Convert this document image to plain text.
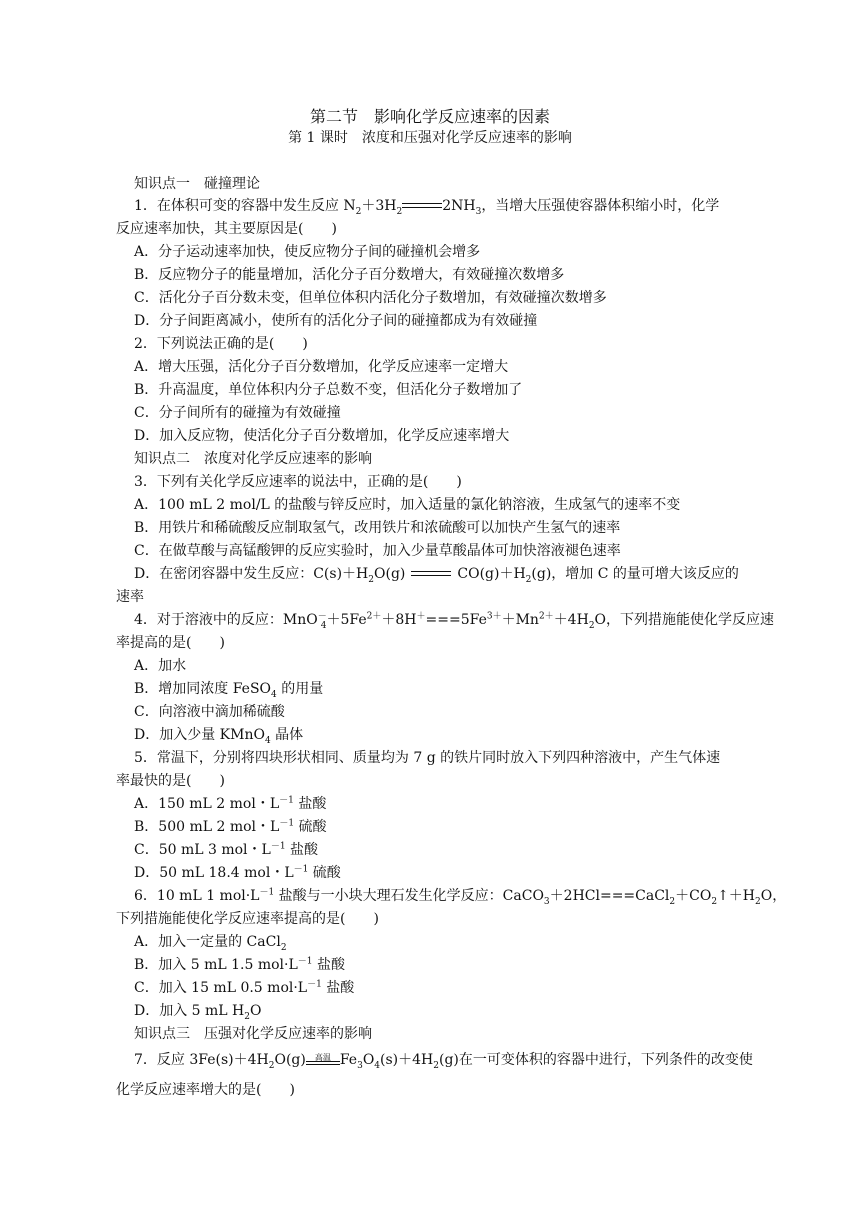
第二节　影响化学反应速率的因素
第 1 课时　浓度和压强对化学反应速率的影响
知识点一　碰撞理论
1．在体积可变的容器中发生反应 $N_2+3H_2$	$2NH_3$，当增大压强使容器体积缩小时，化学
反应速率加快，其主要原因是(　　)
A．分子运动速率加快，使反应物分子间的碰撞机会增多
B．反应物分子的能量增加，活化分子百分数增大，有效碰撞次数增多
C．活化分子百分数未变，但单位体积内活化分子数增加，有效碰撞次数增多
D．分子间距离减小，使所有的活化分子间的碰撞都成为有效碰撞
2．下列说法正确的是(　　)
A．增大压强，活化分子百分数增加，化学反应速率一定增大
B．升高温度，单位体积内分子总数不变，但活化分子数增加了
C．分子间所有的碰撞为有效碰撞
D．加入反应物，使活化分子百分数增加，化学反应速率增大
知识点二　浓度对化学反应速率的影响
3．下列有关化学反应速率的说法中，正确的是(　　)
A．100 mL 2 mol/L 的盐酸与锌反应时，加入适量的氯化钠溶液，生成氢气的速率不变
B．用铁片和稀硫酸反应制取氢气，改用铁片和浓硫酸可以加快产生氢气的速率
C．在做草酸与高锰酸钾的反应实验时，加入少量草酸晶体可加快溶液褪色速率
D．在密闭容器中发生反应：$C(s)+H_2O(g)$	$CO(g)+H_2(g)$，增加 C 的量可增大该反应的
速率
4．对于溶液中的反应：$MnO^-_4+5Fe^{2+}+8H^+===5Fe^{3+}+Mn^{2+}+4H_2O$，下列措施能使化学反应速
率提高的是(　　)
A．加水
B．增加同浓度 FeSO$_4$ 的用量
C．向溶液中滴加稀硫酸
D．加入少量 KMnO$_4$ 晶体
5．常温下，分别将四块形状相同、质量均为 7 g 的铁片同时放入下列四种溶液中，产生气体速
率最快的是(　　)
A．150 mL 2 mol・$L^{-1}$ 盐酸
B．500 mL 2 mol・$L^{-1}$ 硫酸
C．50 mL 3 mol・$L^{-1}$ 盐酸
D．50 mL 18.4 mol・$L^{-1}$ 硫酸
6．10 mL 1 $mol\cdot L^{-1}$ 盐酸与一小块大理石发生化学反应：$CaCO_3+2HCl===CaCl_2+CO_2↑+H_2O$，
下列措施能使化学反应速率提高的是(　　)
A．加入一定量的 CaCl$_2$
B．加入 5 mL 1.5 $mol\cdot L^{-1}$ 盐酸
C．加入 15 mL 0.5 $mol\cdot L^{-1}$ 盐酸
D．加入 5 mL $H_2O$
知识点三　压强对化学反应速率的影响
7．反应 $3Fe(s)+4H_2O(g)$	高温 $Fe_3O_4(s)+4H_2(g)$在一可变体积的容器中进行，下列条件的改变使
化学反应速率增大的是(　　)
